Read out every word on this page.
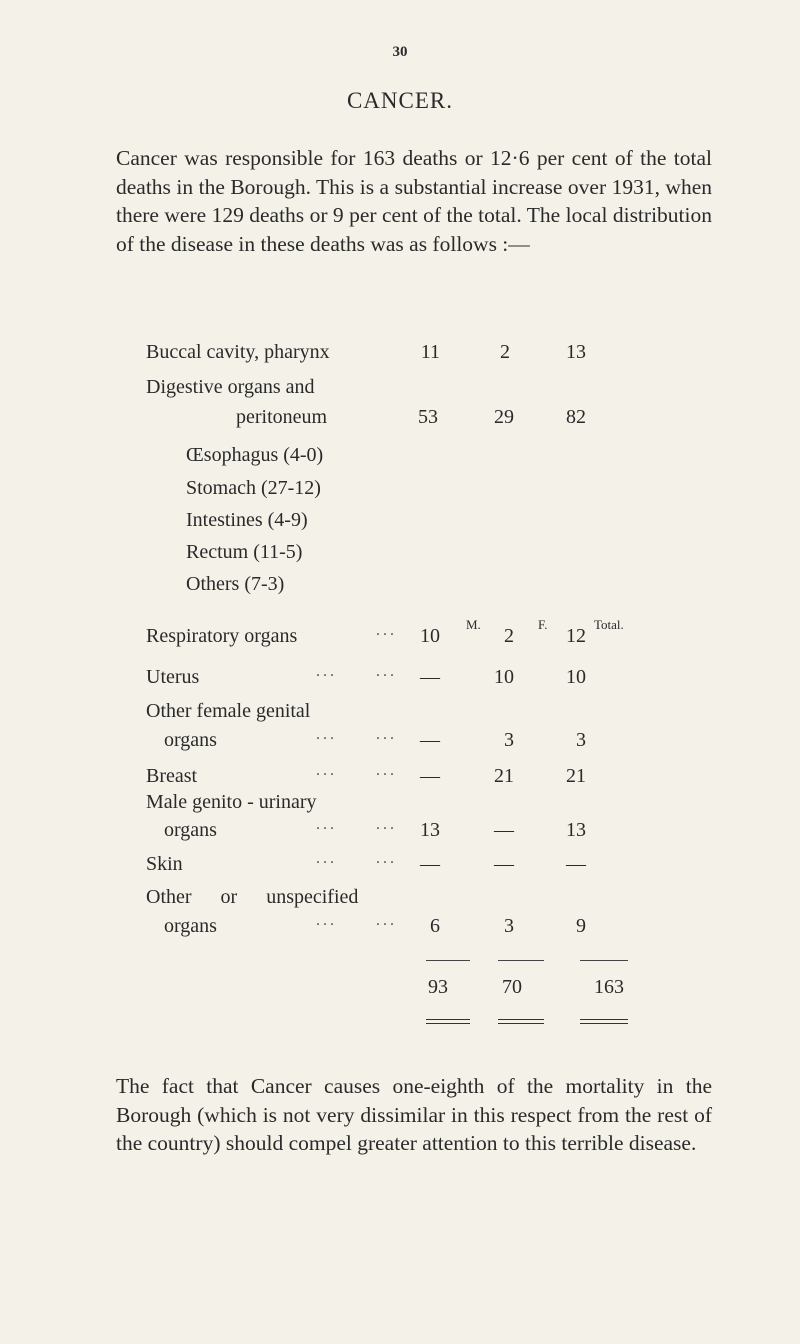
30
CANCER.
Cancer was responsible for 163 deaths or 12·6 per cent of the total deaths in the Borough. This is a substantial increase over 1931, when there were 129 deaths or 9 per cent of the total. The local distribution of the disease in these deaths was as follows :—
M.	F.	Total.
Buccal cavity, pharynx	11	2	13
Digestive organs and
peritoneum	53	29	82
Œsophagus (4-0)
Stomach (27-12)
Intestines (4-9)
Rectum (11-5)
Others (7-3)
Respiratory organs	...	10	2	12
Uterus	... ...	—	10	10
Other female genital
organs	... ...	—	3	3
Breast	... ...	—	21	21
Male genito - urinary
organs	... ...	13	—	13
Skin	... ...	—	—	—
Other or unspecified
organs	... ...	6	3	9
93	70	163
The fact that Cancer causes one-eighth of the mortality in the Borough (which is not very dissimilar in this respect from the rest of the country) should compel greater attention to this terrible disease.
